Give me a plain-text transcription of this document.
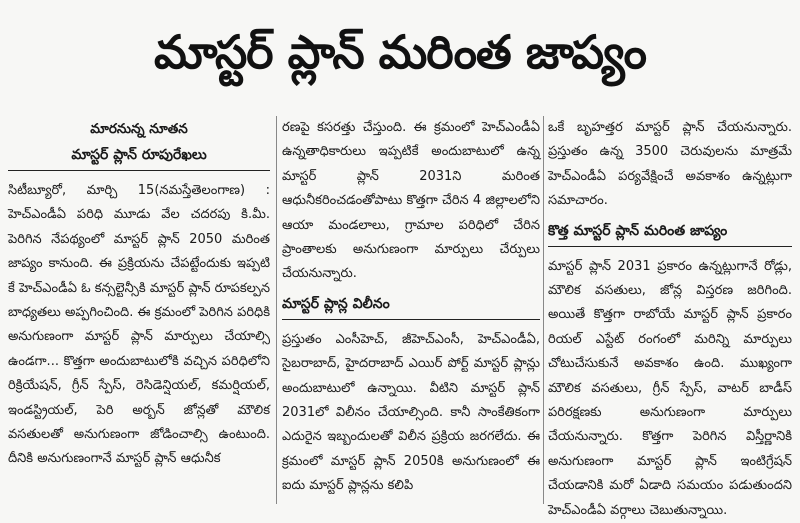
మాస్టర్ ప్లాన్ మరింత జాప్యం
మారనున్న నూతన
మాస్టర్ ప్లాన్ రూపురేఖలు

సిటీబ్యూరో, మార్చి 15(నమస్తేతెలంగాణ) : హెచ్ఎండీఏ పరిధి మూడు వేల చదరపు కి.మీ. పెరిగిన నేపథ్యంలో మాస్టర్ ప్లాన్ 2050 మరింత జాప్యం కానుంది. ఈ ప్రక్రియను చేపట్టేందుకు ఇప్పటి కే హెచ్ఎండీఏ ఓ కన్సల్టెన్సీకి మాస్టర్ ప్లాన్ రూపకల్పన బాధ్యతలు అప్పగించింది. ఈ క్రమంలో పెరిగిన పరిధికి అనుగుణంగా మాస్టర్ ప్లాన్ మార్పులు చేయాల్సి ఉండగా... కొత్తగా అందుబాటులోకి వచ్చిన పరిధిలోని రిక్రియేషన్, గ్రీన్ స్పేస్, రెసిడెన్షియల్, కమర్షియల్, ఇండస్ట్రియల్, పెరి అర్బన్ జోన్లతో మౌలిక వసతులతో అనుగుణంగా జోడించాల్సి ఉంటుంది. దీనికి అనుగుణంగానే మాస్టర్ ప్లాన్ ఆధునీక

రణపై కసరత్తు చేస్తుంది. ఈ క్రమంలో హెచ్ఎండీఏ ఉన్నతాధికారులు ఇప్పటికే అందుబాటులో ఉన్న మాస్టర్ ప్లాన్ 2031ని మరింత ఆధునీకరించడంతోపాటు కొత్తగా చేరిన 4 జిల్లాలలోని ఆయా మండలాలు, గ్రామాల పరిధిలో చేరిన ప్రాంతాలకు అనుగుణంగా మార్పులు చేర్పులు చేయనున్నారు.

మాస్టర్ ప్లాన్ల విలీనం

ప్రస్తుతం ఎంసీహెచ్, జీహెచ్ఎంసీ, హెచ్ఎండీఏ, సైబరాబాద్, హైదరాబాద్ ఎయిర్ పోర్ట్ మాస్టర్ ప్లాన్లు అందుబాటులో ఉన్నాయి. వీటిని మాస్టర్ ప్లాన్ 2031లో విలీనం చేయాల్సింది. కానీ సాంకేతికంగా ఎదురైన ఇబ్బందులతో విలీన ప్రక్రియ జరగలేదు. ఈ క్రమంలో మాస్టర్ ప్లాన్ 2050కి అనుగుణంలో ఈ ఐదు మాస్టర్ ప్లాన్లను కలిపి

ఒకే బృహత్తర మాస్టర్ ప్లాన్ చేయనున్నారు. ప్రస్తుతం ఉన్న 3500 చెరువులను మాత్రమే హెచ్ఎండీఏ పర్యవేక్షించే అవకాశం ఉన్నట్లుగా సమాచారం.

కొత్త మాస్టర్ ప్లాన్ మరింత జాప్యం

మాస్టర్ ప్లాన్ 2031 ప్రకారం ఉన్నట్లుగానే రోడ్లు, మౌలిక వసతులు, జోన్ల విస్తరణ జరిగింది. అయితే కొత్తగా రాబోయే మాస్టర్ ప్లాన్ ప్రకారం రియల్ ఎస్టేట్ రంగంలో మరిన్ని మార్పులు చోటుచేసుకునే అవకాశం ఉంది. ముఖ్యంగా మౌలిక వసతులు, గ్రీన్ స్పేస్, వాటర్ బాడీస్ పరిరక్షణకు అనుగుణంగా మార్పులు చేయనున్నారు. కొత్తగా పెరిగిన విస్తీర్ణానికి అనుగుణంగా మాస్టర్ ప్లాన్ ఇంటిగ్రేషన్ చేయడానికి మరో ఏడాది సమయం పడుతుందని హెచ్ఎండీఏ వర్గాలు చెబుతున్నాయి.
